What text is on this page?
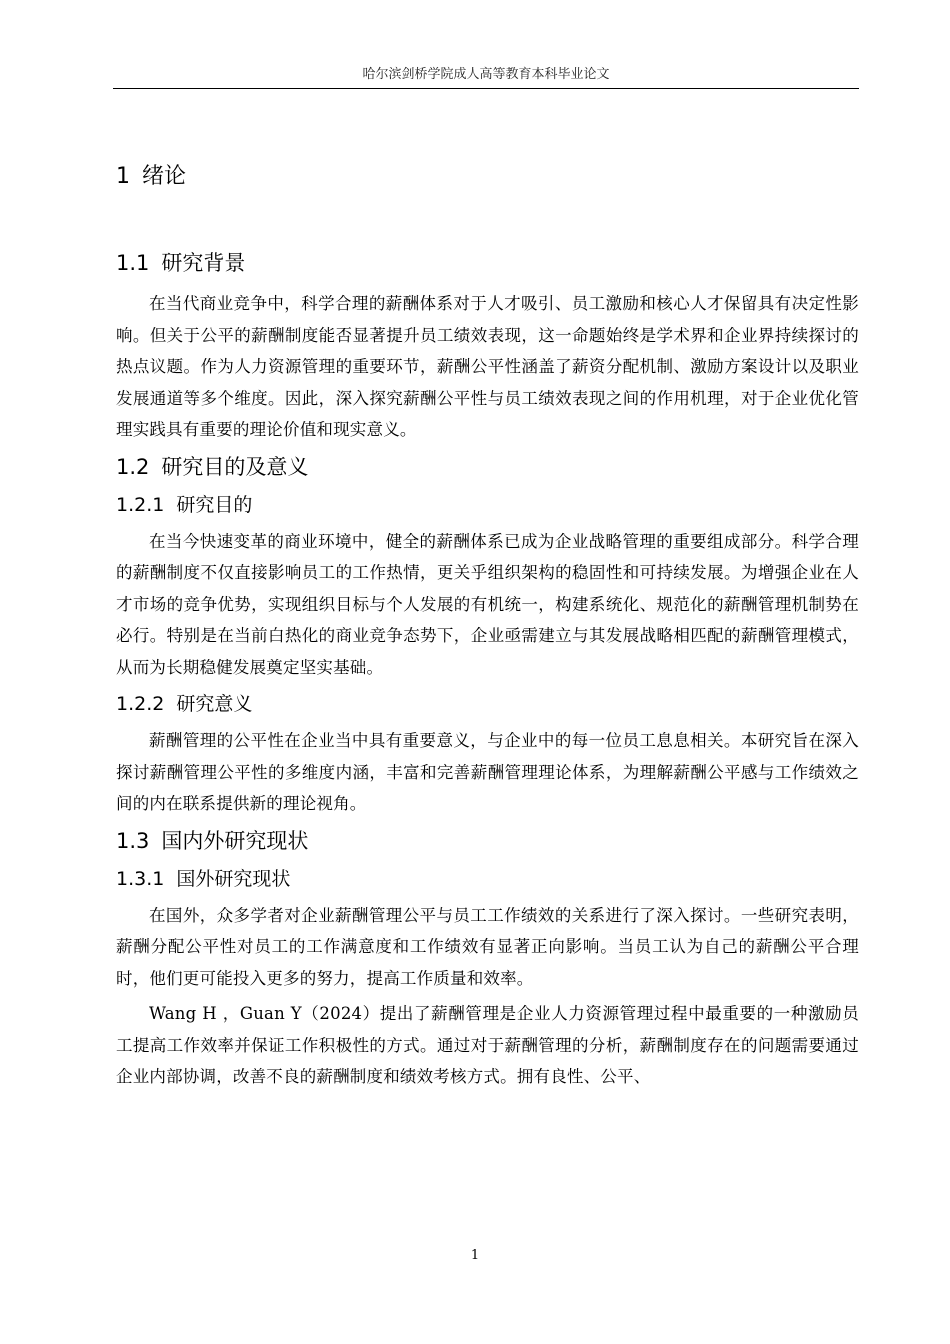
哈尔滨剑桥学院成人高等教育本科毕业论文
1 绪论
1.1 研究背景

在当代商业竞争中，科学合理的薪酬体系对于人才吸引、员工激励和核心人才保留具有决定性影响。但关于公平的薪酬制度能否显著提升员工绩效表现，这一命题始终是学术界和企业界持续探讨的热点议题。作为人力资源管理的重要环节，薪酬公平性涵盖了薪资分配机制、激励方案设计以及职业发展通道等多个维度。因此，深入探究薪酬公平性与员工绩效表现之间的作用机理，对于企业优化管理实践具有重要的理论价值和现实意义。

1.2 研究目的及意义
1.2.1 研究目的

在当今快速变革的商业环境中，健全的薪酬体系已成为企业战略管理的重要组成部分。科学合理的薪酬制度不仅直接影响员工的工作热情，更关乎组织架构的稳固性和可持续发展。为增强企业在人才市场的竞争优势，实现组织目标与个人发展的有机统一，构建系统化、规范化的薪酬管理机制势在必行。特别是在当前白热化的商业竞争态势下，企业亟需建立与其发展战略相匹配的薪酬管理模式，从而为长期稳健发展奠定坚实基础。

1.2.2 研究意义

薪酬管理的公平性在企业当中具有重要意义，与企业中的每一位员工息息相关。本研究旨在深入探讨薪酬管理公平性的多维度内涵，丰富和完善薪酬管理理论体系，为理解薪酬公平感与工作绩效之间的内在联系提供新的理论视角。

1.3 国内外研究现状
1.3.1 国外研究现状

在国外，众多学者对企业薪酬管理公平与员工工作绩效的关系进行了深入探讨。一些研究表明，薪酬分配公平性对员工的工作满意度和工作绩效有显著正向影响。当员工认为自己的薪酬公平合理时，他们更可能投入更多的努力，提高工作质量和效率。

Wang H ，Guan Y（2024）提出了薪酬管理是企业人力资源管理过程中最重要的一种激励员工提高工作效率并保证工作积极性的方式。通过对于薪酬管理的分析，薪酬制度存在的问题需要通过企业内部协调，改善不良的薪酬制度和绩效考核方式。拥有良性、公平、

1
